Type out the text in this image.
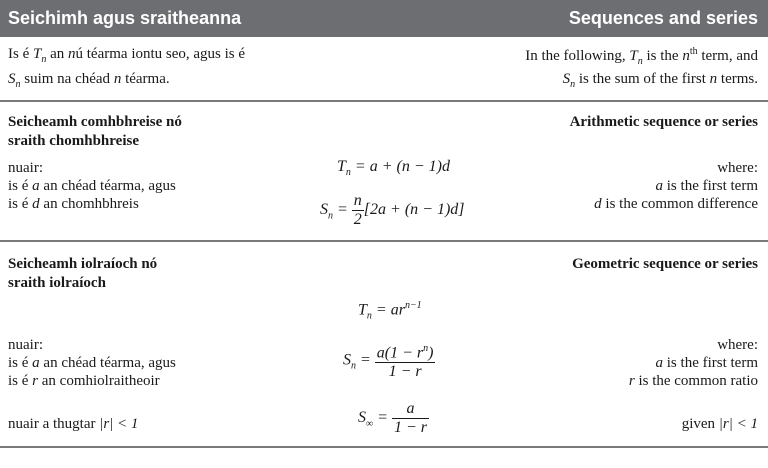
Seichimh agus sraitheanna	Sequences and series
Is é $T_n$ an nú téarma iontu seo, agus is é
$S_n$ suim na chéad n téarma.
In the following, $T_n$ is the $n^{th}$ term, and
$S_n$ is the sum of the first n terms.
Seicheamh comhbhreise nó
sraith chomhbhreise
Arithmetic sequence or series
nuair:
is é a an chéad téarma, agus
is é d an chomhbhreis
where:
a is the first term
d is the common difference
$T_n = a + (n - 1)d$
$S_n = \frac{n}{2} [2a + (n - 1)d]$
Seicheamh iolraíoch nó
sraith iolraíoch
Geometric sequence or series
$T_n = ar^{n-1}$
nuair:
is é a an chéad téarma, agus
is é r an comhiolraitheoir
where:
a is the first term
r is the common ratio
$S_n = \frac{a(1 - r^n)}{1 - r}$
$S_\infty = \frac{a}{1 - r}$
nuair a thugtar |r| < 1	given |r| < 1
